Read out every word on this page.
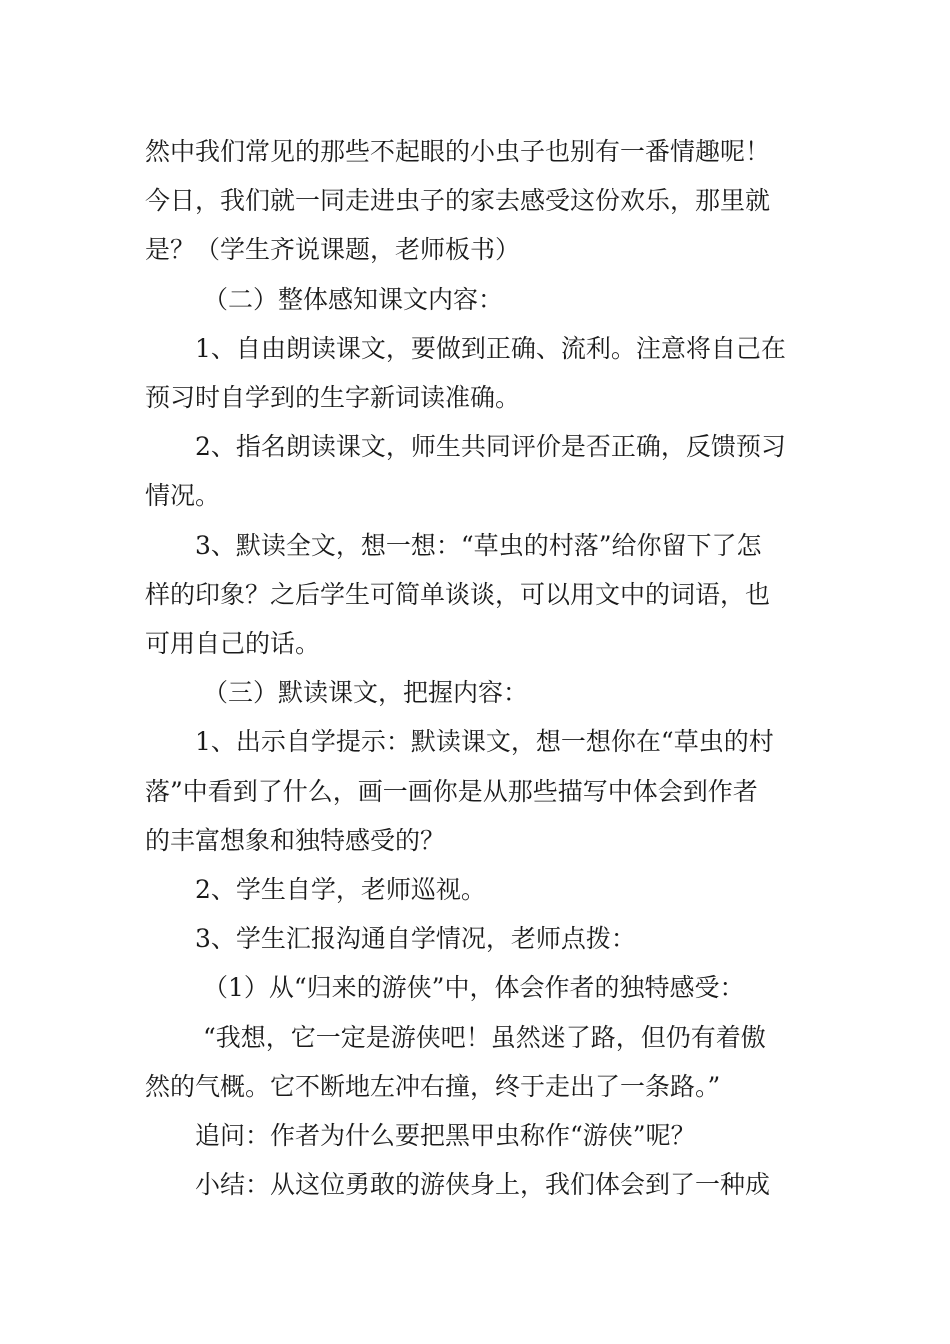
然中我们常见的那些不起眼的小虫子也别有一番情趣呢！

今日，我们就一同走进虫子的家去感受这份欢乐，那里就

是？（学生齐说课题，老师板书）

（二）整体感知课文内容：

1、自由朗读课文，要做到正确、流利。注意将自己在

预习时自学到的生字新词读准确。

2、指名朗读课文，师生共同评价是否正确，反馈预习

情况。

3、默读全文，想一想：“草虫的村落”给你留下了怎

样的印象？之后学生可简单谈谈，可以用文中的词语，也

可用自己的话。

（三）默读课文，把握内容：

1、出示自学提示：默读课文，想一想你在“草虫的村

落”中看到了什么，画一画你是从那些描写中体会到作者

的丰富想象和独特感受的？

2、学生自学，老师巡视。

3、学生汇报沟通自学情况，老师点拨：

（1）从“归来的游侠”中，体会作者的独特感受：

“我想，它一定是游侠吧！虽然迷了路，但仍有着傲

然的气概。它不断地左冲右撞，终于走出了一条路。”

追问：作者为什么要把黑甲虫称作“游侠”呢？

小结：从这位勇敢的游侠身上，我们体会到了一种成
